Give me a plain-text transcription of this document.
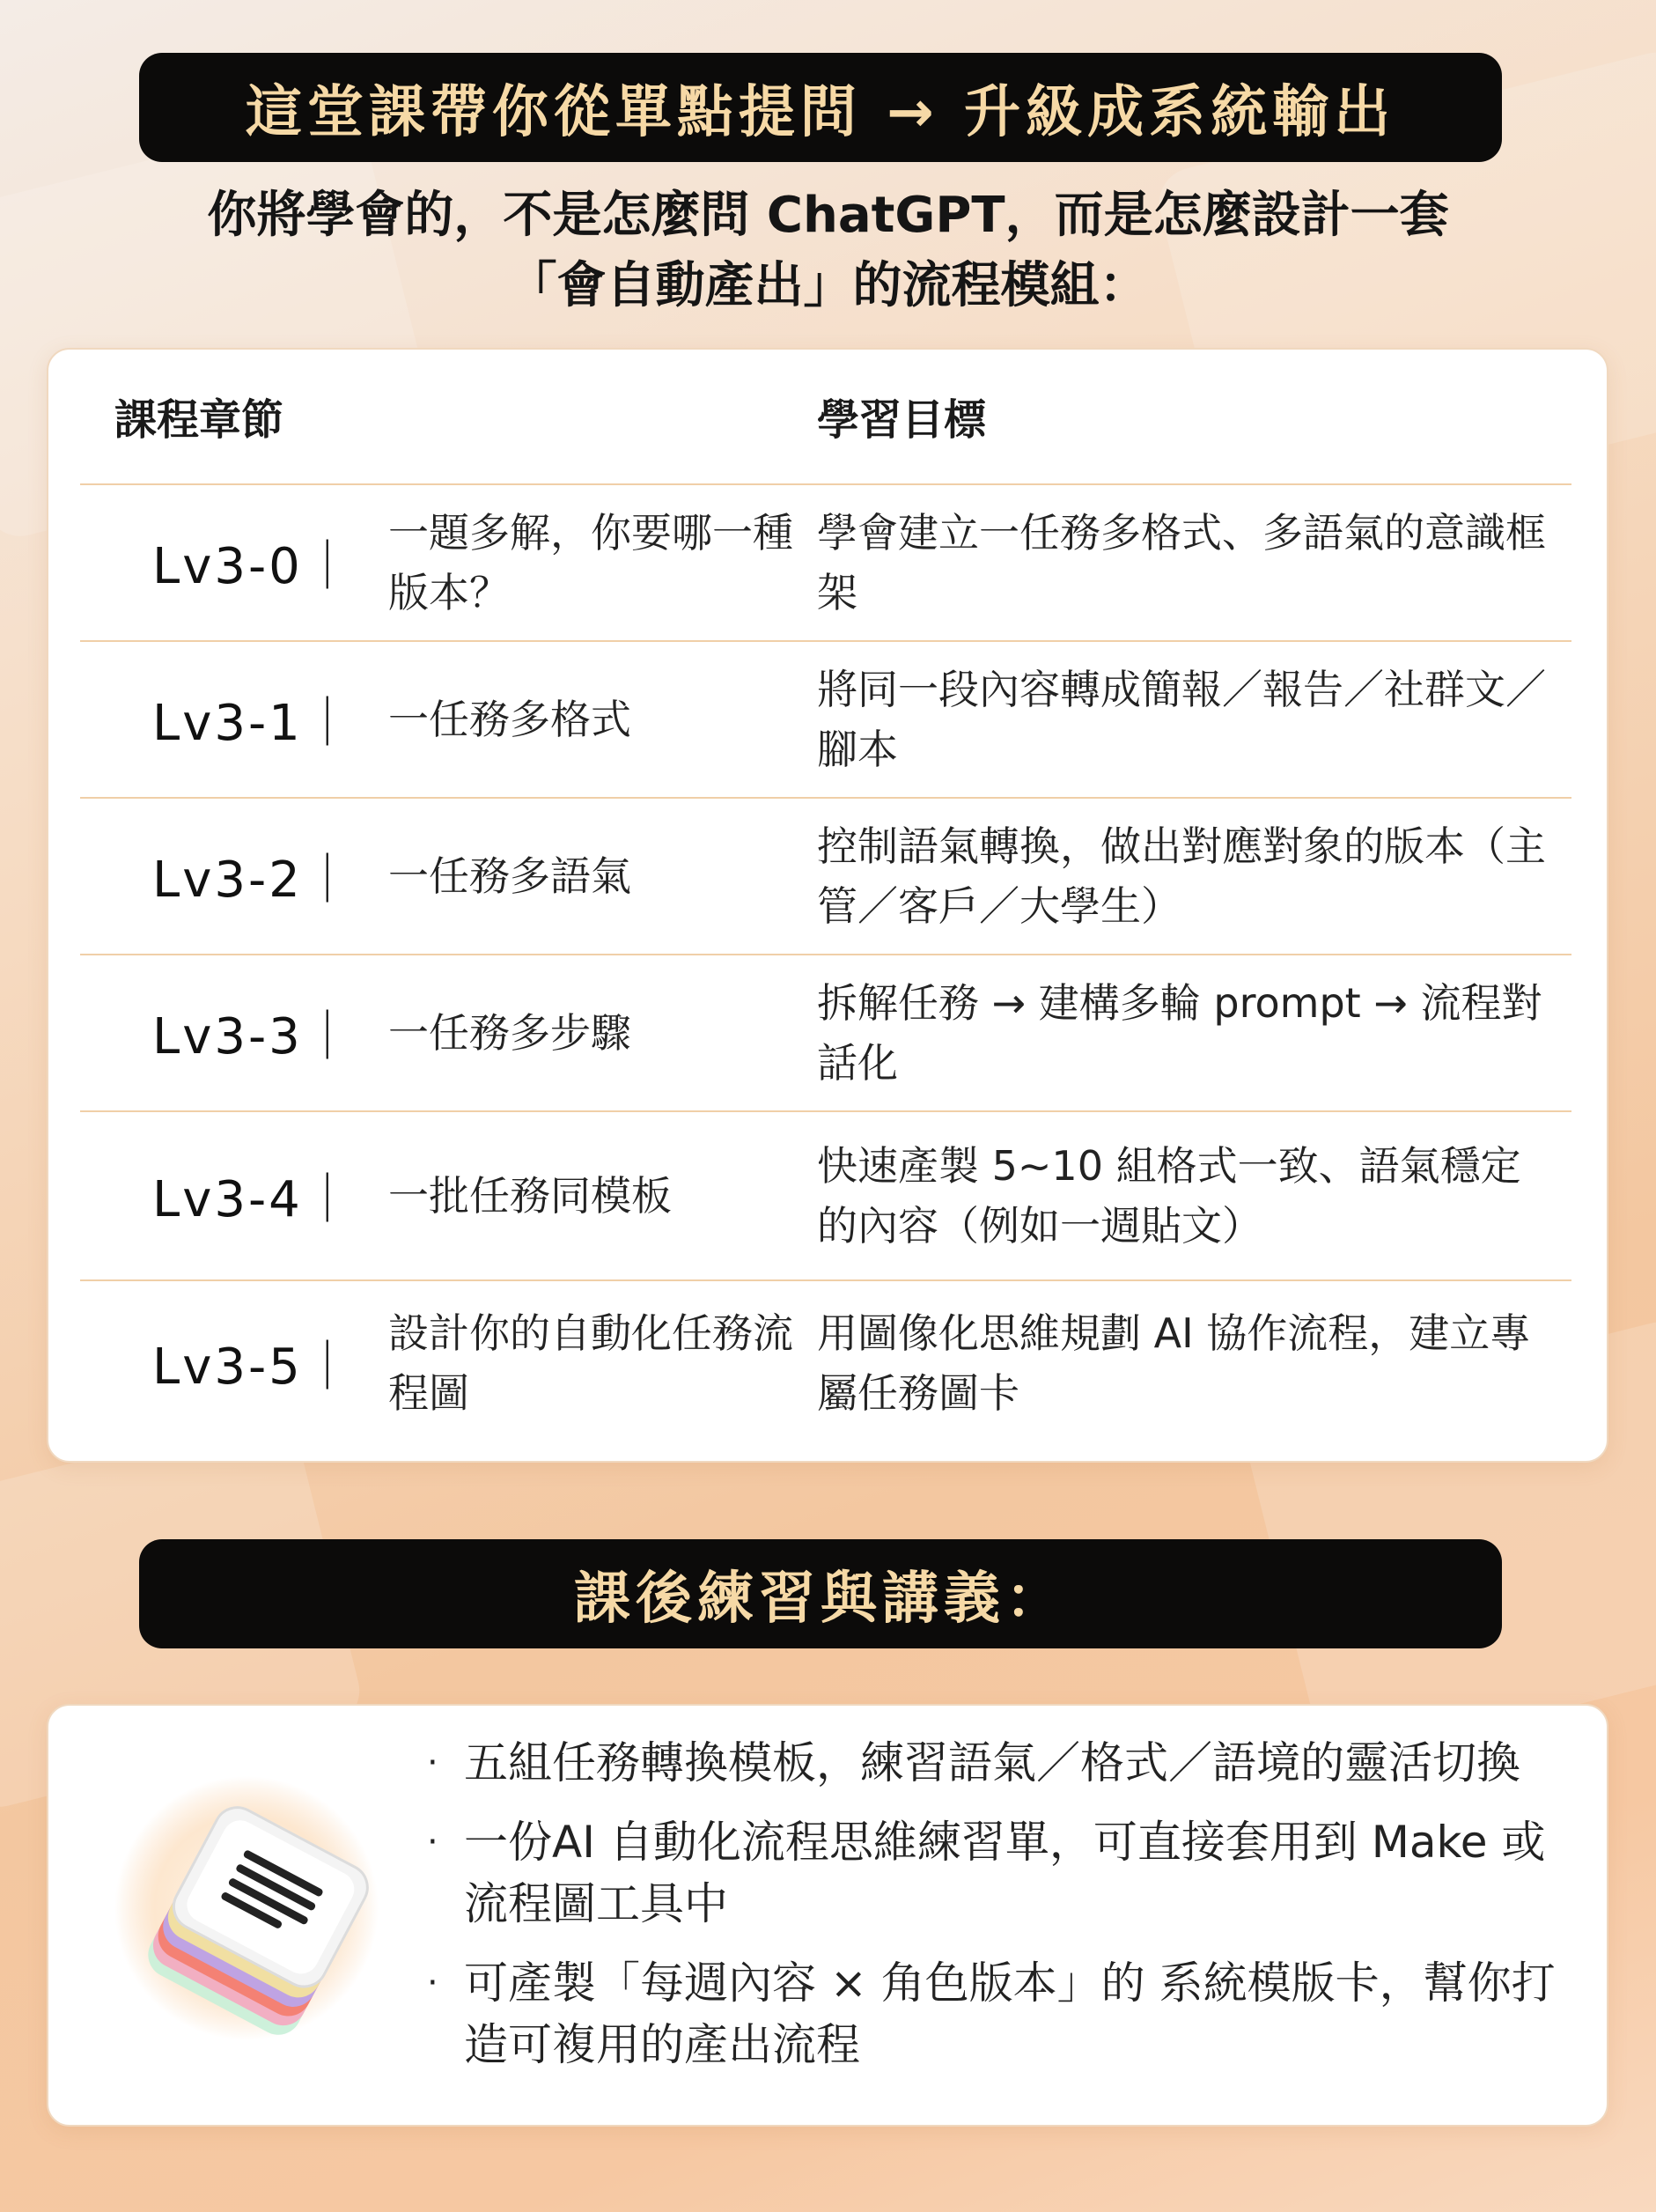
這堂課帶你從單點提問 → 升級成系統輸出
你將學會的，不是怎麼問 ChatGPT，而是怎麼設計一套
「會自動產出」的流程模組：
課程章節	學習目標
Lv3-0｜
一題多解，你要哪一種版本？
學會建立一任務多格式、多語氣的意識框架
Lv3-1｜ 一任務多格式
將同一段內容轉成簡報／報告／社群文／腳本
Lv3-2｜ 一任務多語氣
控制語氣轉換，做出對應對象的版本（主管／客戶／大學生）
Lv3-3｜ 一任務多步驟
拆解任務 → 建構多輪 prompt → 流程對話化
Lv3-4｜ 一批任務同模板
快速產製 5~10 組格式一致、語氣穩定的內容（例如一週貼文）
Lv3-5｜
設計你的自動化任務流程圖
用圖像化思維規劃 AI 協作流程，建立專屬任務圖卡
課後練習與講義：
· 五組任務轉換模板，練習語氣／格式／語境的靈活切換
· 一份AI 自動化流程思維練習單，可直接套用到 Make 或流程圖工具中
· 可產製「每週內容 × 角色版本」的 系統模版卡，幫你打造可複用的產出流程
